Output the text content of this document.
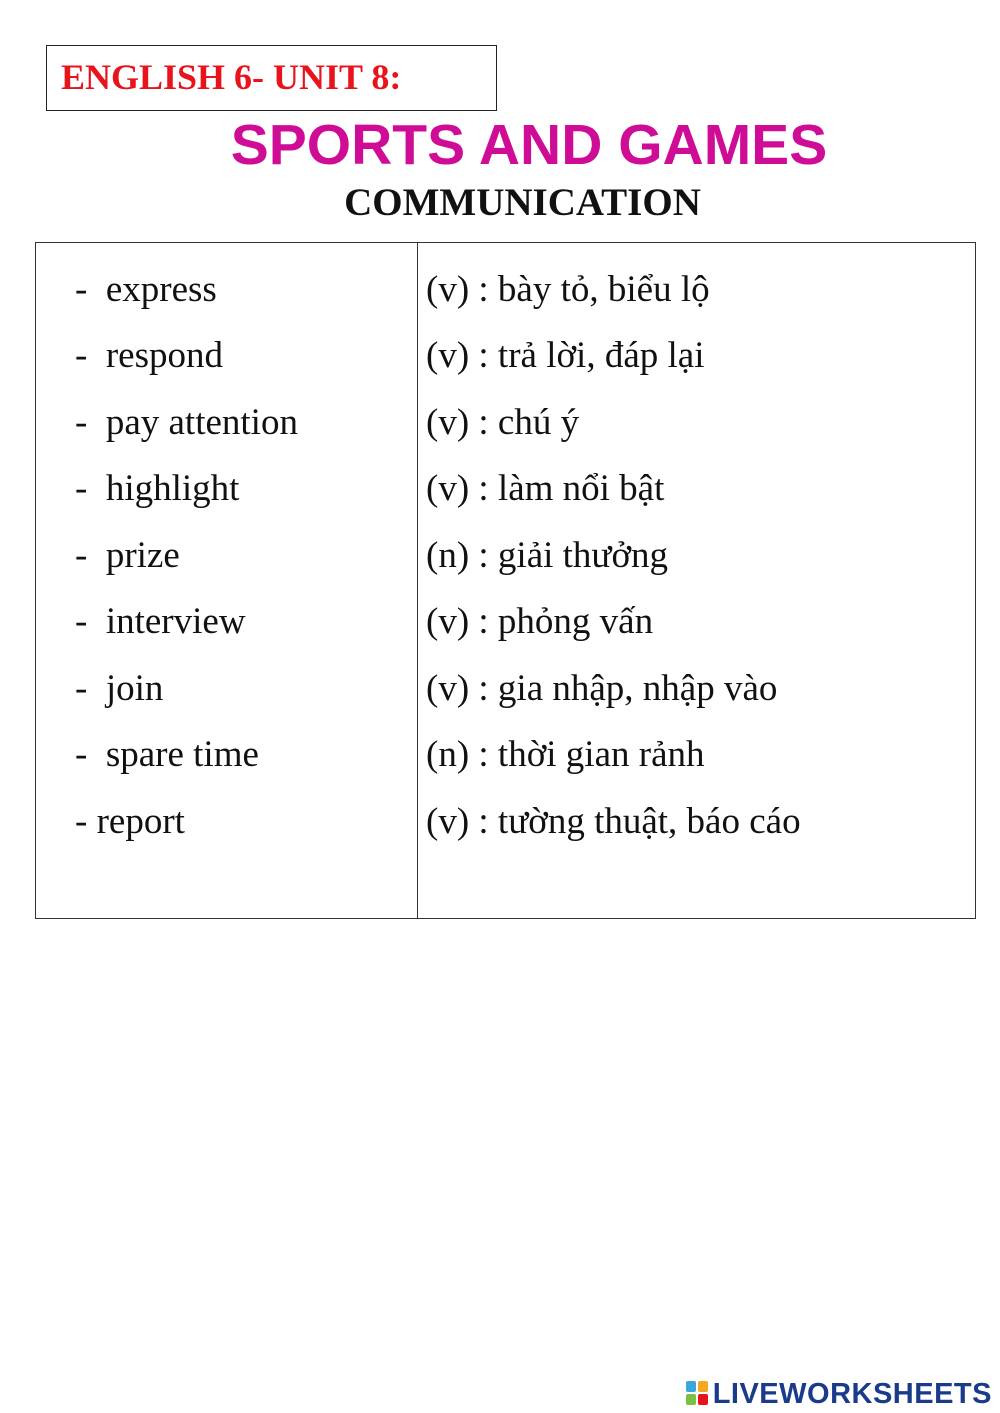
ENGLISH 6- UNIT 8:
SPORTS AND GAMES
COMMUNICATION
-  express	(v) : bày tỏ, biểu lộ
-  respond	(v) : trả lời, đáp lại
-  pay attention	(v) : chú ý
-  highlight	(v) : làm nổi bật
-  prize	(n) : giải thưởng
-  interview	(v) : phỏng vấn
-  join	(v) : gia nhập, nhập vào
-  spare time	(n) : thời gian rảnh
- report	(v) : tường thuật, báo cáo
LIVEWORKSHEETS
